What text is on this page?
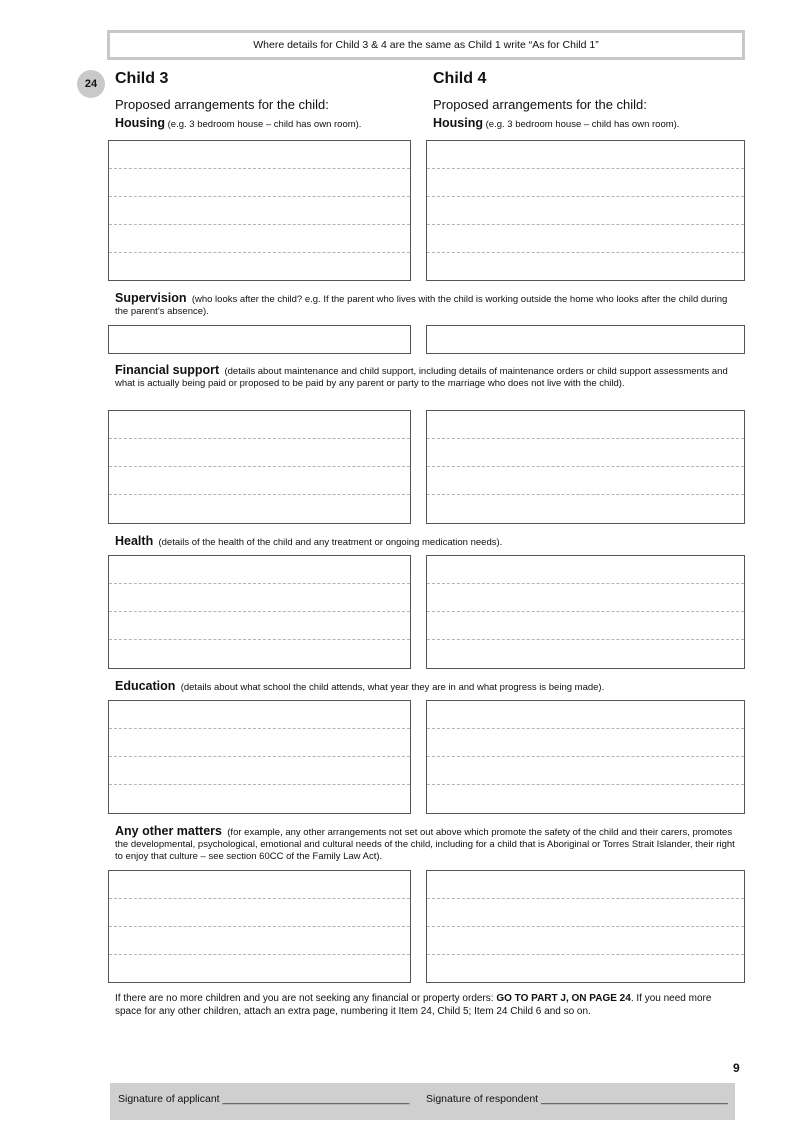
Where details for Child 3 & 4 are the same as Child 1 write “As for Child 1”
24	Child 3	Child 4
Proposed arrangements for the child:	Proposed arrangements for the child:
Housing (e.g. 3 bedroom house – child has own room).	Housing (e.g. 3 bedroom house – child has own room).
Supervision (who looks after the child? e.g. If the parent who lives with the child is working outside the home who looks after the child during the parent’s absence).
Financial support (details about maintenance and child support, including details of maintenance orders or child support assessments and what is actually being paid or proposed to be paid by any parent or party to the marriage who does not live with the child).
Health (details of the health of the child and any treatment or ongoing medication needs).
Education (details about what school the child attends, what year they are in and what progress is being made).
Any other matters (for example, any other arrangements not set out above which promote the safety of the child and their carers, promotes the developmental, psychological, emotional and cultural needs of the child, including for a child that is Aboriginal or Torres Strait Islander, their right to enjoy that culture – see section 60CC of the Family Law Act).
If there are no more children and you are not seeking any financial or property orders: GO TO PART J, ON PAGE 24. If you need more space for any other children, attach an extra page, numbering it Item 24, Child 5; Item 24 Child 6 and so on.
9
Signature of applicant ________________________________ Signature of respondent ________________________________
